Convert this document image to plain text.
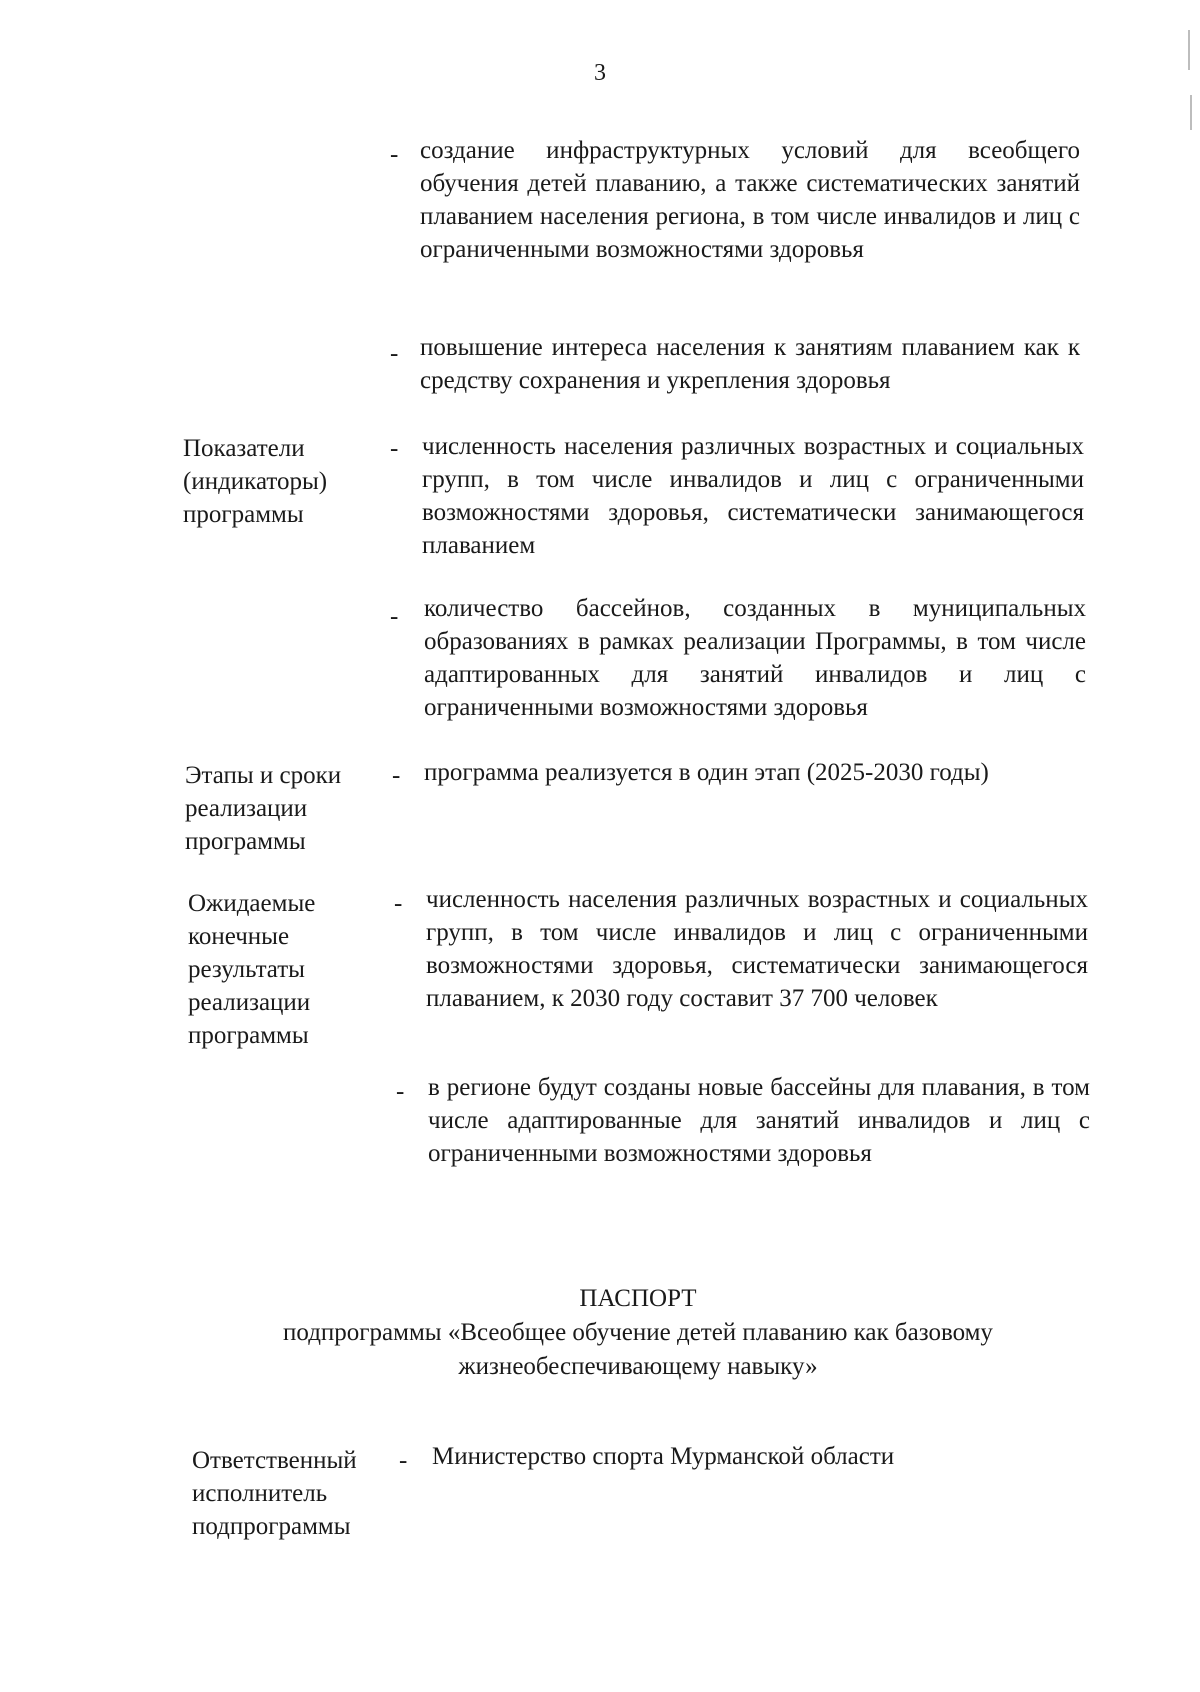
3
- создание инфраструктурных условий для всеобщего обучения детей плаванию, а также систематических занятий плаванием населения региона, в том числе инвалидов и лиц с ограниченными возможностями здоровья
- повышение интереса населения к занятиям плаванием как к средству сохранения и укрепления здоровья
Показатели (индикаторы) программы
- численность населения различных возрастных и социальных групп, в том числе инвалидов и лиц с ограниченными возможностями здоровья, систематически занимающегося плаванием
- количество бассейнов, созданных в муниципальных образованиях в рамках реализации Программы, в том числе адаптированных для занятий инвалидов и лиц с ограниченными возможностями здоровья
Этапы и сроки реализации программы
- программа реализуется в один этап (2025-2030 годы)
Ожидаемые конечные результаты реализации программы
- численность населения различных возрастных и социальных групп, в том числе инвалидов и лиц с ограниченными возможностями здоровья, систематически занимающегося плаванием, к 2030 году составит 37 700 человек
- в регионе будут созданы новые бассейны для плавания, в том числе адаптированные для занятий инвалидов и лиц с ограниченными возможностями здоровья
ПАСПОРТ
подпрограммы «Всеобщее обучение детей плаванию как базовому
жизнеобеспечивающему навыку»
Ответственный исполнитель подпрограммы
- Министерство спорта Мурманской области
